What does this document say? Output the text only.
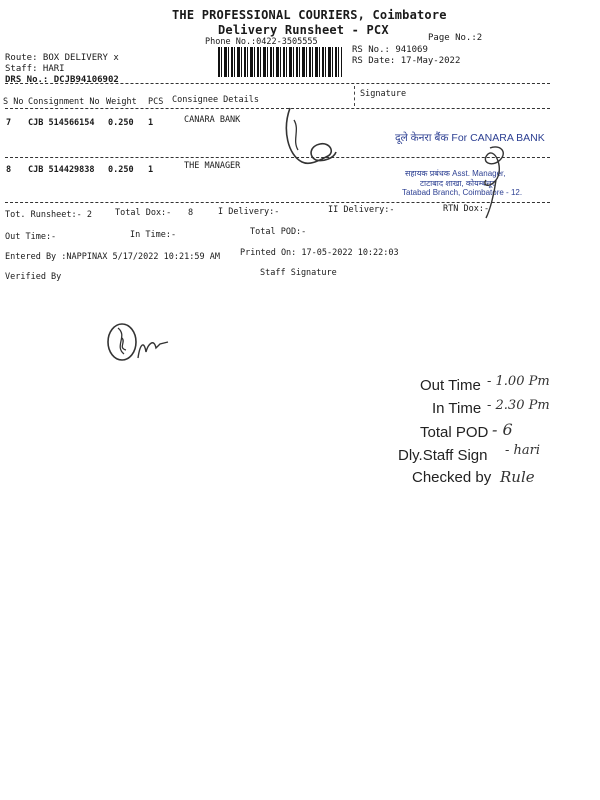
THE PROFESSIONAL COURIERS, Coimbatore
Delivery Runsheet - PCX
Phone No.:0422-3505555	Page No.:2
Route: BOX DELIVERY x
Staff: HARI
DRS No.: DCJB94106902
RS No.: 941069
RS Date: 17-May-2022
S No Consignment No Weight PCS Consignee Details
Signature
7 CJB 514566154 0.250 1	CANARA BANK
8 CJB 514429838 0.250 1	THE MANAGER
दूले केनरा बैंक For CANARA BANK
सहायक प्रबंधक Asst. Manager,
टाटाबाद शाखा, कोयम्बत्तूर
Tatabad Branch, Coimbatore - 12.
Tot. Runsheet:- 2	Total Dox:- 8	I Delivery:-	II Delivery:-	RTN Dox:-
Out Time:-	In Time:-	Total POD:-
Entered By :NAPPINAX 5/17/2022 10:21:59 AM Printed On: 17-05-2022 10:22:03
Verified By	Staff Signature
Out Time - 1.00 Pm
In Time - 2.30 Pm
Total POD - 6
Dly.Staff Sign - hari
Checked by Rule
